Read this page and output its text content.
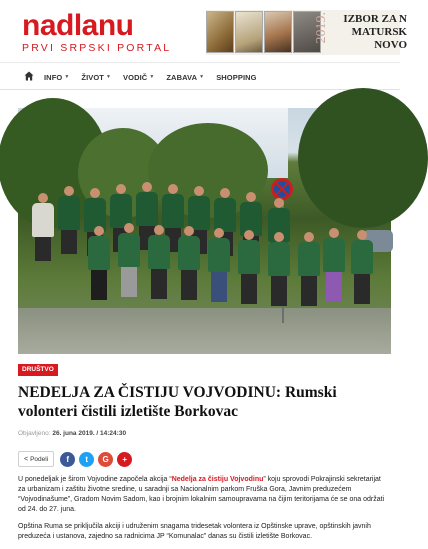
nadlanu
PRVI SRPSKI PORTAL
2019.	IZBOR ZA N
MATURSK
NOVO
INFO ▼ ŽIVOT ▼ VODIČ ▼ ZABAVA ▼ SHOPPING
DRUŠTVO
NEDELJA ZA ČISTIJU VOJVODINU: Rumski volonteri čistili izletište Borkovac
Objavljeno: 26. juna 2019. / 14:24:30
< Podeli	f	t	G	+

U ponedeljak je širom Vojvodine započela akcija “Nedelja za čistiju Vojvodinu” koju sprovodi Pokrajinski sekretarijat za urbanizam i zaštitu životne sredine, u saradnji sa Nacionalnim parkom Fruška Gora, Javnim preduzećem “Vojvodinašume”, Gradom Novim Sadom, kao i brojnim lokalnim samoupravama na čijim teritorijama će se ona održati od 24. do 27. juna.

Opština Ruma se priključila akciji i udruženim snagama tridesetak volontera iz Opštinske uprave, opštinskih javnih preduzeća i ustanova, zajedno sa radnicima JP “Komunalac” danas su čistili izletište Borkovac.
